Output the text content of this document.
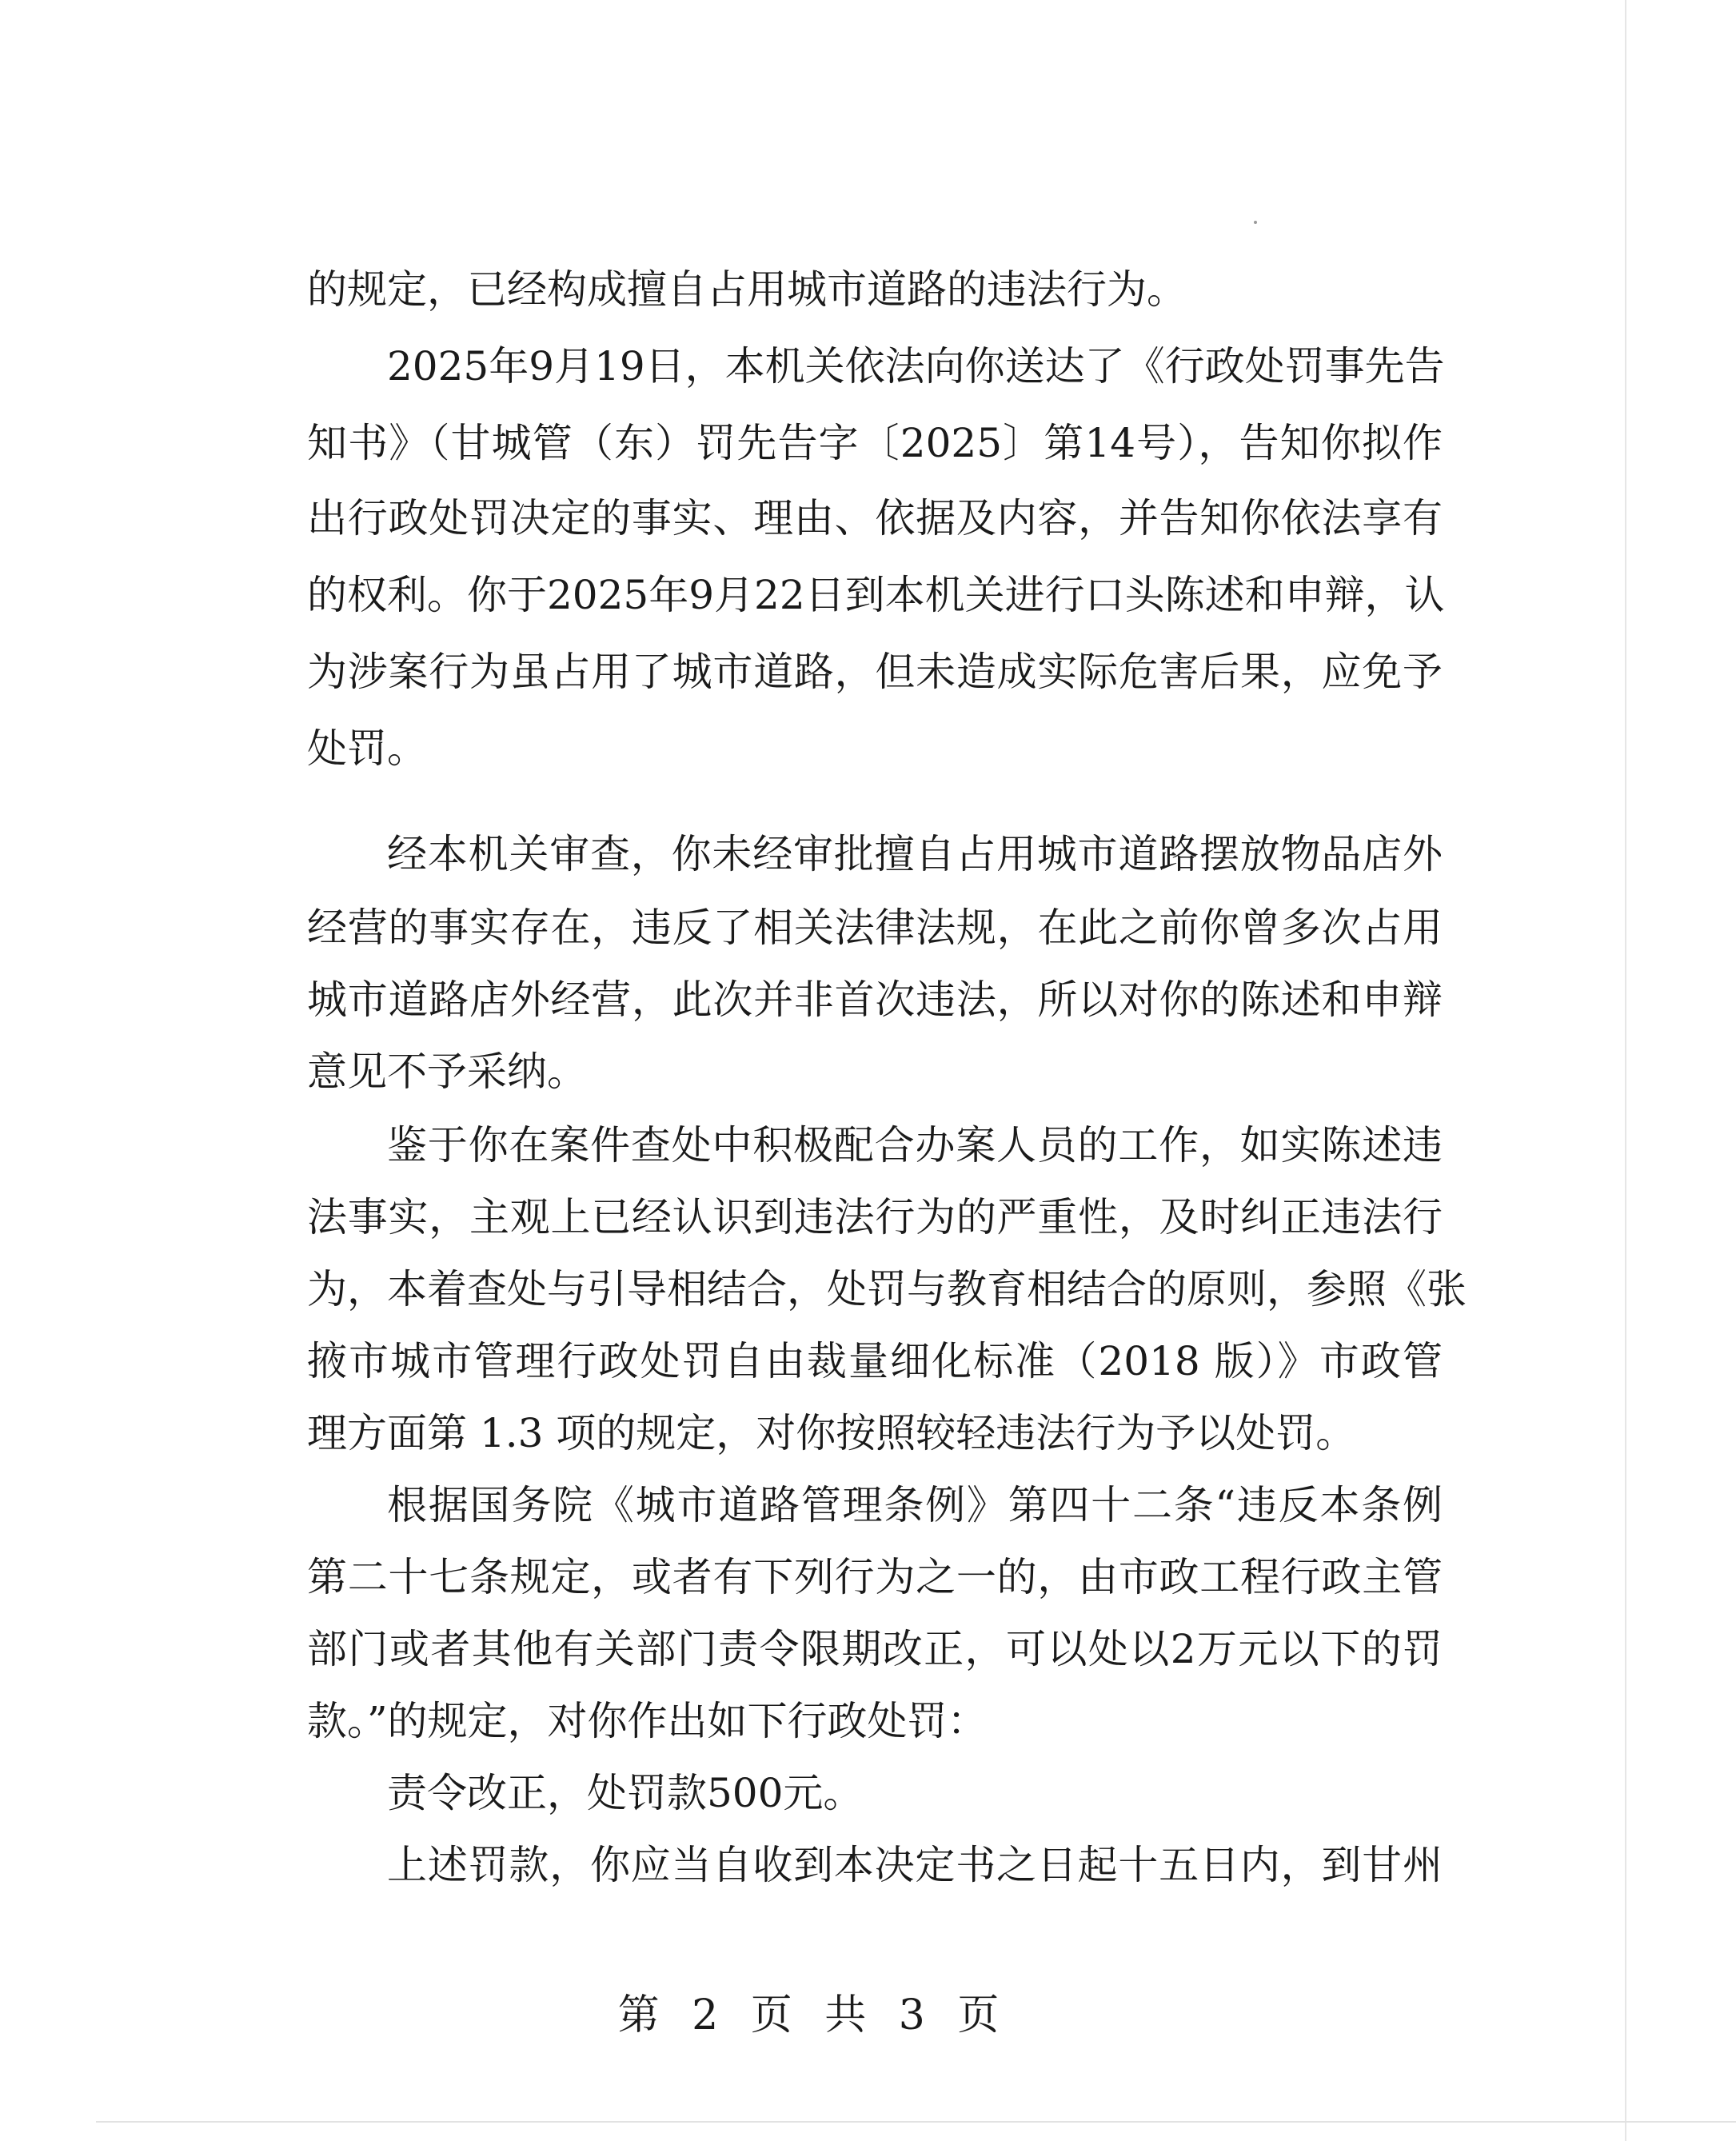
的规定，已经构成擅自占用城市道路的违法行为。
2025年9月19日，本机关依法向你送达了《行政处罚事先告
知书》（甘城管（东）罚先告字〔2025〕第14号），告知你拟作
出行政处罚决定的事实、理由、依据及内容，并告知你依法享有
的权利。你于2025年9月22日到本机关进行口头陈述和申辩，认
为涉案行为虽占用了城市道路，但未造成实际危害后果，应免予
处罚。
经本机关审查，你未经审批擅自占用城市道路摆放物品店外
经营的事实存在，违反了相关法律法规，在此之前你曾多次占用
城市道路店外经营，此次并非首次违法，所以对你的陈述和申辩
意见不予采纳。
鉴于你在案件查处中积极配合办案人员的工作，如实陈述违
法事实，主观上已经认识到违法行为的严重性，及时纠正违法行
为，本着查处与引导相结合，处罚与教育相结合的原则，参照《张
掖市城市管理行政处罚自由裁量细化标准（2018 版）》市政管
理方面第 1.3 项的规定，对你按照较轻违法行为予以处罚。
根据国务院《城市道路管理条例》第四十二条“违反本条例
第二十七条规定，或者有下列行为之一的，由市政工程行政主管
部门或者其他有关部门责令限期改正，可以处以2万元以下的罚
款。”的规定，对你作出如下行政处罚：
责令改正，处罚款500元。
上述罚款，你应当自收到本决定书之日起十五日内，到甘州
第 2 页 共 3 页
